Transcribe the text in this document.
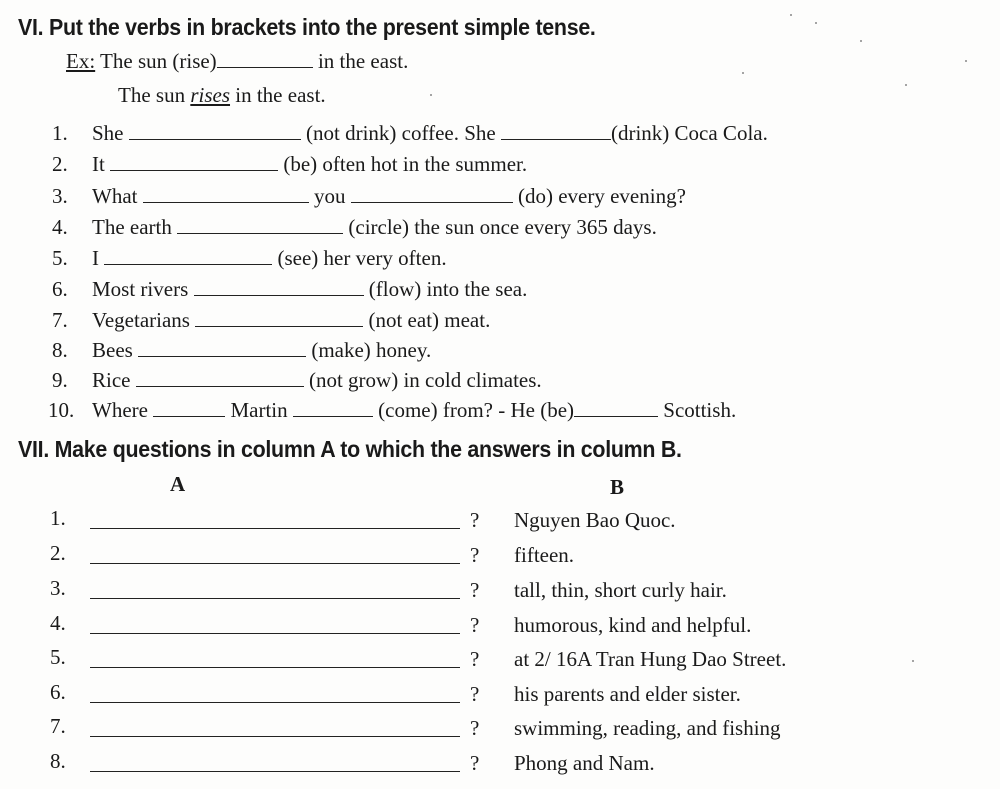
VI. Put the verbs in brackets into the present simple tense.
Ex: The sun (rise)	in the east.
The sun rises in the east.
1. She	(not drink) coffee. She	(drink) Coca Cola.
2. It	(be) often hot in the summer.
3. What	you	(do) every evening?
4. The earth	(circle) the sun once every 365 days.
5. I	(see) her very often.
6. Most rivers	(flow) into the sea.
7. Vegetarians	(not eat) meat.
8. Bees	(make) honey.
9. Rice	(not grow) in cold climates.
10. Where	Martin	(come) from? - He (be)	Scottish.
VII. Make questions in column A to which the answers in column B.
A	B
1.	? Nguyen Bao Quoc.
2.	? fifteen.
3.	? tall, thin, short curly hair.
4.	? humorous, kind and helpful.
5.	? at 2/ 16A Tran Hung Dao Street.
6.	? his parents and elder sister.
7.	? swimming, reading, and fishing
8.	? Phong and Nam.
